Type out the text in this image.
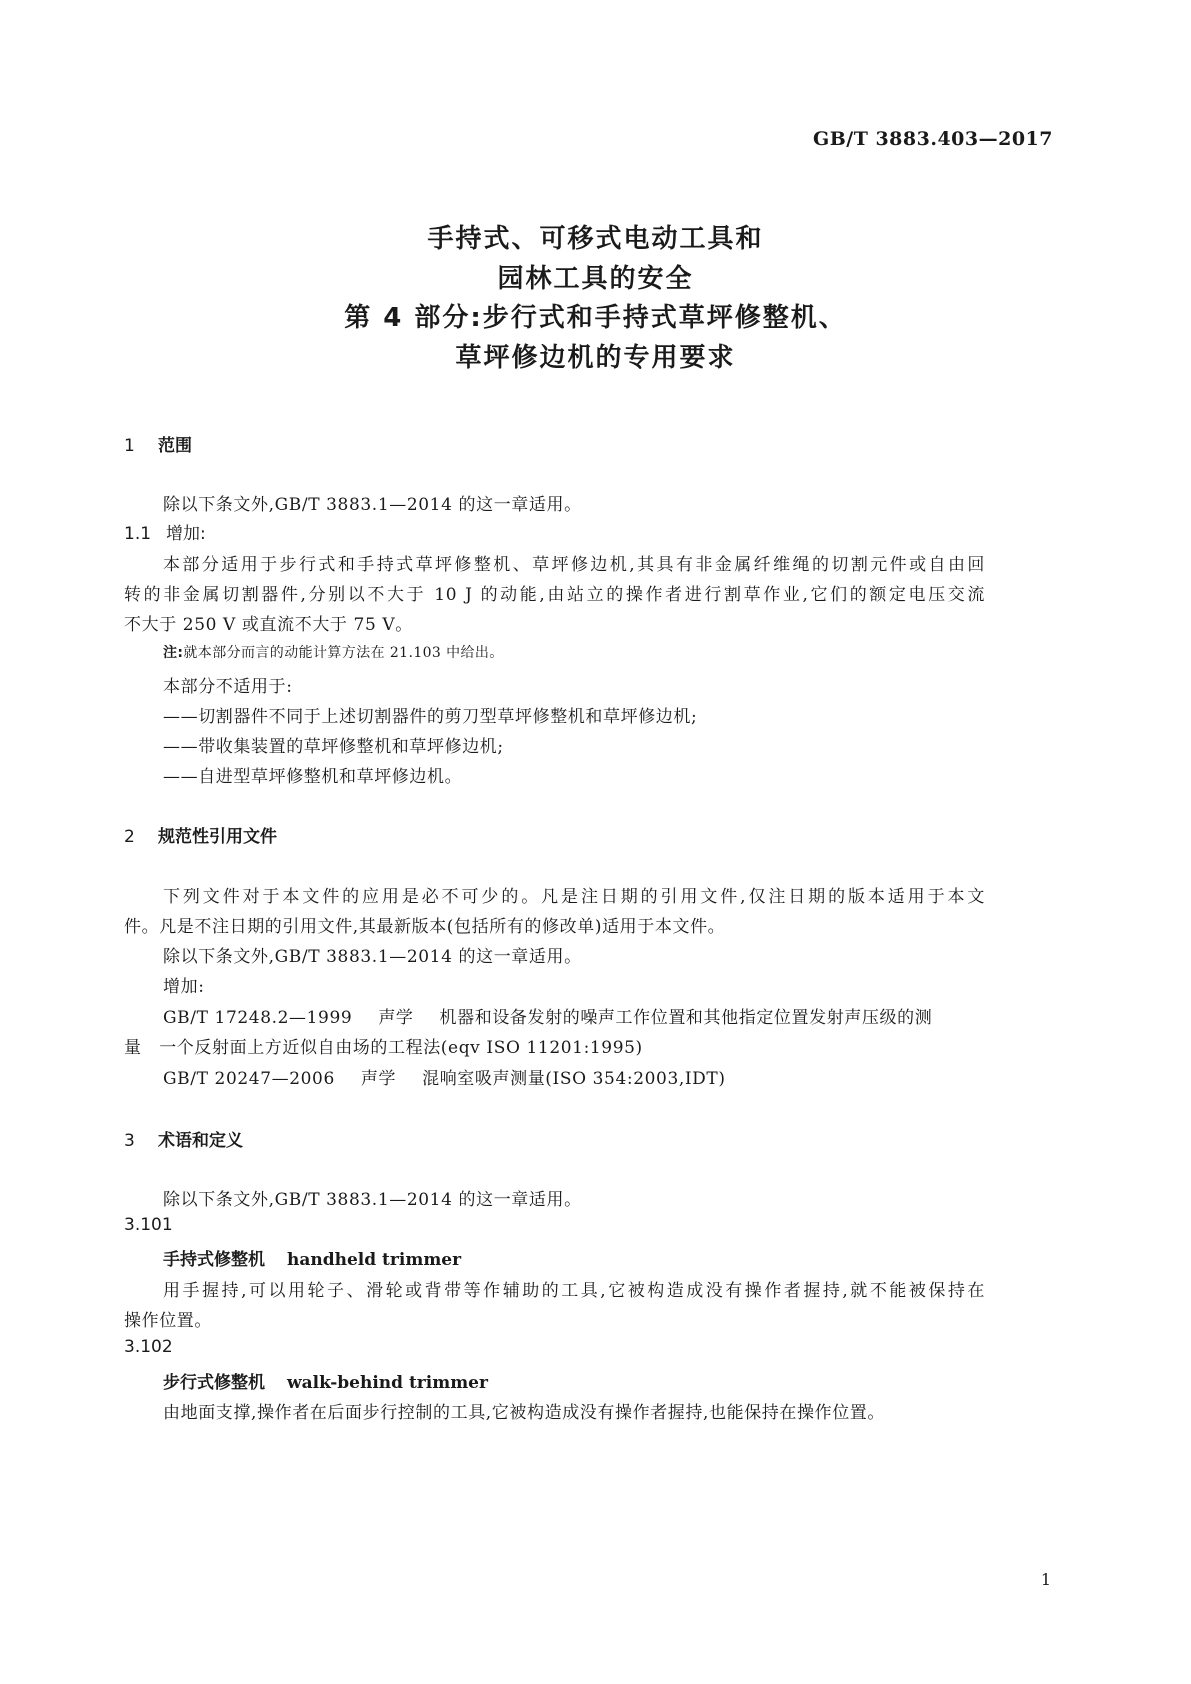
GB/T 3883.403—2017
手持式、可移式电动工具和
园林工具的安全
第 4 部分:步行式和手持式草坪修整机、
草坪修边机的专用要求
1 范围
除以下条文外,GB/T 3883.1—2014 的这一章适用。
1.1 增加:
本部分适用于步行式和手持式草坪修整机、草坪修边机,其具有非金属纤维绳的切割元件或自由回
转的非金属切割器件,分别以不大于 10 J 的动能,由站立的操作者进行割草作业,它们的额定电压交流
不大于 250 V 或直流不大于 75 V。
注:就本部分而言的动能计算方法在 21.103 中给出。
本部分不适用于:
——切割器件不同于上述切割器件的剪刀型草坪修整机和草坪修边机;
——带收集装置的草坪修整机和草坪修边机;
——自进型草坪修整机和草坪修边机。
2 规范性引用文件
下列文件对于本文件的应用是必不可少的。凡是注日期的引用文件,仅注日期的版本适用于本文
件。凡是不注日期的引用文件,其最新版本(包括所有的修改单)适用于本文件。
除以下条文外,GB/T 3883.1—2014 的这一章适用。
增加:
GB/T 17248.2—1999 声学 机器和设备发射的噪声工作位置和其他指定位置发射声压级的测
量　一个反射面上方近似自由场的工程法(eqv ISO 11201:1995)
GB/T 20247—2006 声学 混响室吸声测量(ISO 354:2003,IDT)
3 术语和定义
除以下条文外,GB/T 3883.1—2014 的这一章适用。
3.101
手持式修整机 handheld trimmer
用手握持,可以用轮子、滑轮或背带等作辅助的工具,它被构造成没有操作者握持,就不能被保持在
操作位置。
3.102
步行式修整机 walk-behind trimmer
由地面支撑,操作者在后面步行控制的工具,它被构造成没有操作者握持,也能保持在操作位置。
1
